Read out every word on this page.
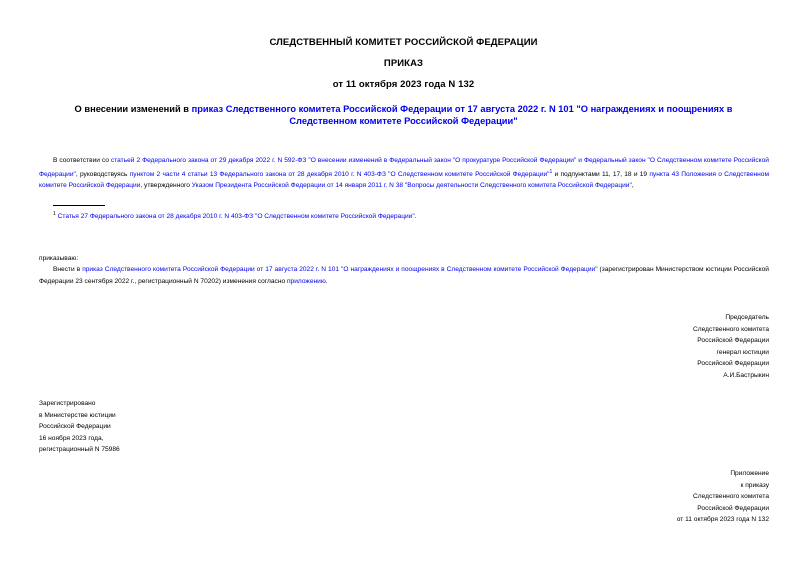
СЛЕДСТВЕННЫЙ КОМИТЕТ РОССИЙСКОЙ ФЕДЕРАЦИИ
ПРИКАЗ
от 11 октября 2023 года N 132
О внесении изменений в приказ Следственного комитета Российской Федерации от 17 августа 2022 г. N 101 "О награждениях и поощрениях в Следственном комитете Российской Федерации"
В соответствии со статьей 2 Федерального закона от 29 декабря 2022 г. N 592-ФЗ "О внесении изменений в Федеральный закон "О прокуратуре Российской Федерации" и Федеральный закон "О Следственном комитете Российской Федерации", руководствуясь пунктом 2 части 4 статьи 13 Федерального закона от 28 декабря 2010 г. N 403-ФЗ "О Следственном комитете Российской Федерации"$^1$ и подпунктами 11, 17, 18 и 19 пункта 43 Положения о Следственном комитете Российской Федерации, утвержденного Указом Президента Российской Федерации от 14 января 2011 г. N 38 "Вопросы деятельности Следственного комитета Российской Федерации",
$^1$ Статья 27 Федерального закона от 28 декабря 2010 г. N 403-ФЗ "О Следственном комитете Российской Федерации".
приказываю:
Внести в приказ Следственного комитета Российской Федерации от 17 августа 2022 г. N 101 "О награждениях и поощрениях в Следственном комитете Российской Федерации" (зарегистрирован Министерством юстиции Российской Федерации 23 сентября 2022 г., регистрационный N 70202) изменения согласно приложению.
Председатель
Следственного комитета
Российской Федерации
генерал юстиции
Российской Федерации
А.И.Бастрыкин
Зарегистрировано
в Министерстве юстиции
Российской Федерации
16 ноября 2023 года,
регистрационный N 75986
Приложение
к приказу
Следственного комитета
Российской Федерации
от 11 октября 2023 года N 132
